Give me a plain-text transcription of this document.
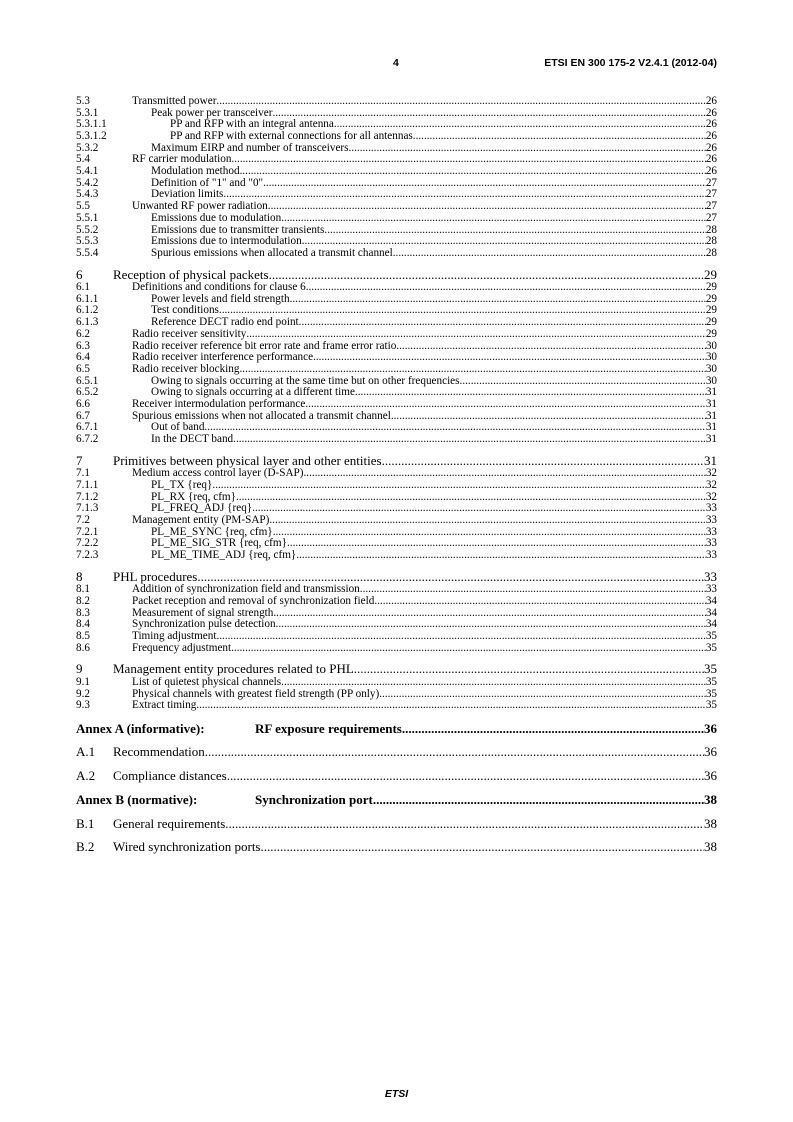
4	ETSI EN 300 175-2 V2.4.1 (2012-04)
5.3	Transmitted power .....	26
5.3.1	Peak power per transceiver .....	26
5.3.1.1	PP and RFP with an integral antenna .....	26
5.3.1.2	PP and RFP with external connections for all antennas .....	26
5.3.2	Maximum EIRP and number of transceivers .....	26
5.4	RF carrier modulation .....	26
5.4.1	Modulation method .....	26
5.4.2	Definition of "1" and "0" .....	27
5.4.3	Deviation limits .....	27
5.5	Unwanted RF power radiation .....	27
5.5.1	Emissions due to modulation .....	27
5.5.2	Emissions due to transmitter transients .....	28
5.5.3	Emissions due to intermodulation .....	28
5.5.4	Spurious emissions when allocated a transmit channel .....	28
6	Reception of physical packets .....	29
6.1	Definitions and conditions for clause 6 .....	29
6.1.1	Power levels and field strength .....	29
6.1.2	Test conditions .....	29
6.1.3	Reference DECT radio end point .....	29
6.2	Radio receiver sensitivity .....	29
6.3	Radio receiver reference bit error rate and frame error ratio .....	30
6.4	Radio receiver interference performance .....	30
6.5	Radio receiver blocking .....	30
6.5.1	Owing to signals occurring at the same time but on other frequencies .....	30
6.5.2	Owing to signals occurring at a different time .....	31
6.6	Receiver intermodulation performance .....	31
6.7	Spurious emissions when not allocated a transmit channel .....	31
6.7.1	Out of band .....	31
6.7.2	In the DECT band .....	31
7	Primitives between physical layer and other entities .....	31
7.1	Medium access control layer (D-SAP) .....	32
7.1.1	PL_TX {req} .....	32
7.1.2	PL_RX {req, cfm} .....	32
7.1.3	PL_FREQ_ADJ {req} .....	33
7.2	Management entity (PM-SAP) .....	33
7.2.1	PL_ME_SYNC {req, cfm} .....	33
7.2.2	PL_ME_SIG_STR {req, cfm} .....	33
7.2.3	PL_ME_TIME_ADJ {req, cfm} .....	33
8	PHL procedures .....	33
8.1	Addition of synchronization field and transmission .....	33
8.2	Packet reception and removal of synchronization field .....	34
8.3	Measurement of signal strength .....	34
8.4	Synchronization pulse detection .....	34
8.5	Timing adjustment .....	35
8.6	Frequency adjustment .....	35
9	Management entity procedures related to PHL .....	35
9.1	List of quietest physical channels .....	35
9.2	Physical channels with greatest field strength (PP only) .....	35
9.3	Extract timing .....	35
Annex A (informative):	RF exposure requirements .....	36
A.1	Recommendation .....	36
A.2	Compliance distances .....	36
Annex B (normative):	Synchronization port .....	38
B.1	General requirements .....	38
B.2	Wired synchronization ports .....	38
ETSI
